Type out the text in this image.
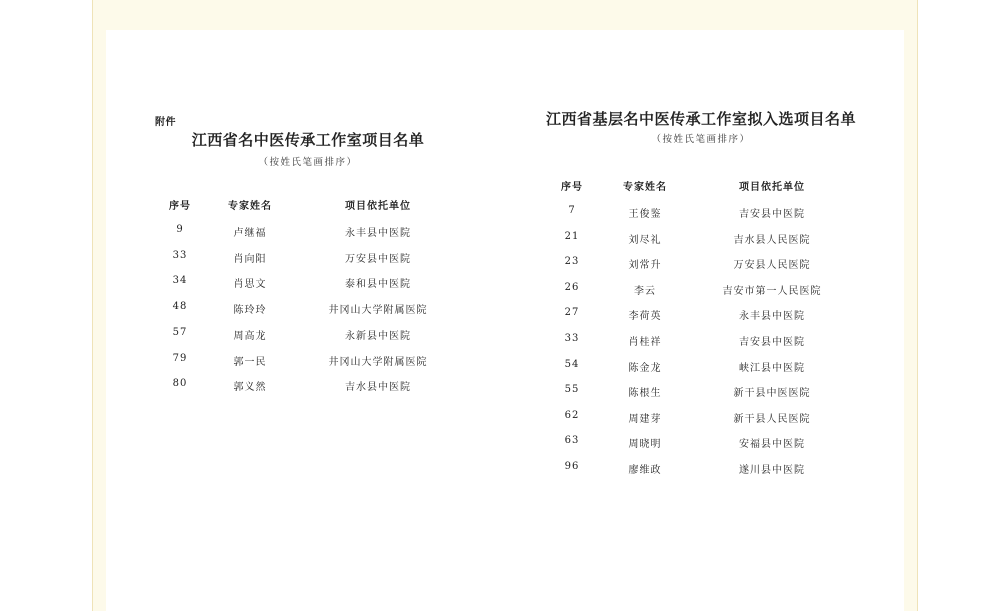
附件
江西省名中医传承工作室项目名单
（按姓氏笔画排序）
江西省基层名中医传承工作室拟入选项目名单
（按姓氏笔画排序）
序号	专家姓名	项目依托单位
9	卢继福	永丰县中医院
33	肖向阳	万安县中医院
34	肖思文	泰和县中医院
48	陈玲玲	井冈山大学附属医院
57	周高龙	永新县中医院
79	郭一民	井冈山大学附属医院
80	郭义然	吉水县中医院
序号	专家姓名	项目依托单位
7	王俊鉴	吉安县中医院
21	刘尽礼	吉水县人民医院
23	刘常升	万安县人民医院
26	李云	吉安市第一人民医院
27	李荷英	永丰县中医院
33	肖桂祥	吉安县中医院
54	陈金龙	峡江县中医院
55	陈根生	新干县中医医院
62	周建芽	新干县人民医院
63	周晓明	安福县中医院
96	廖维政	遂川县中医院
